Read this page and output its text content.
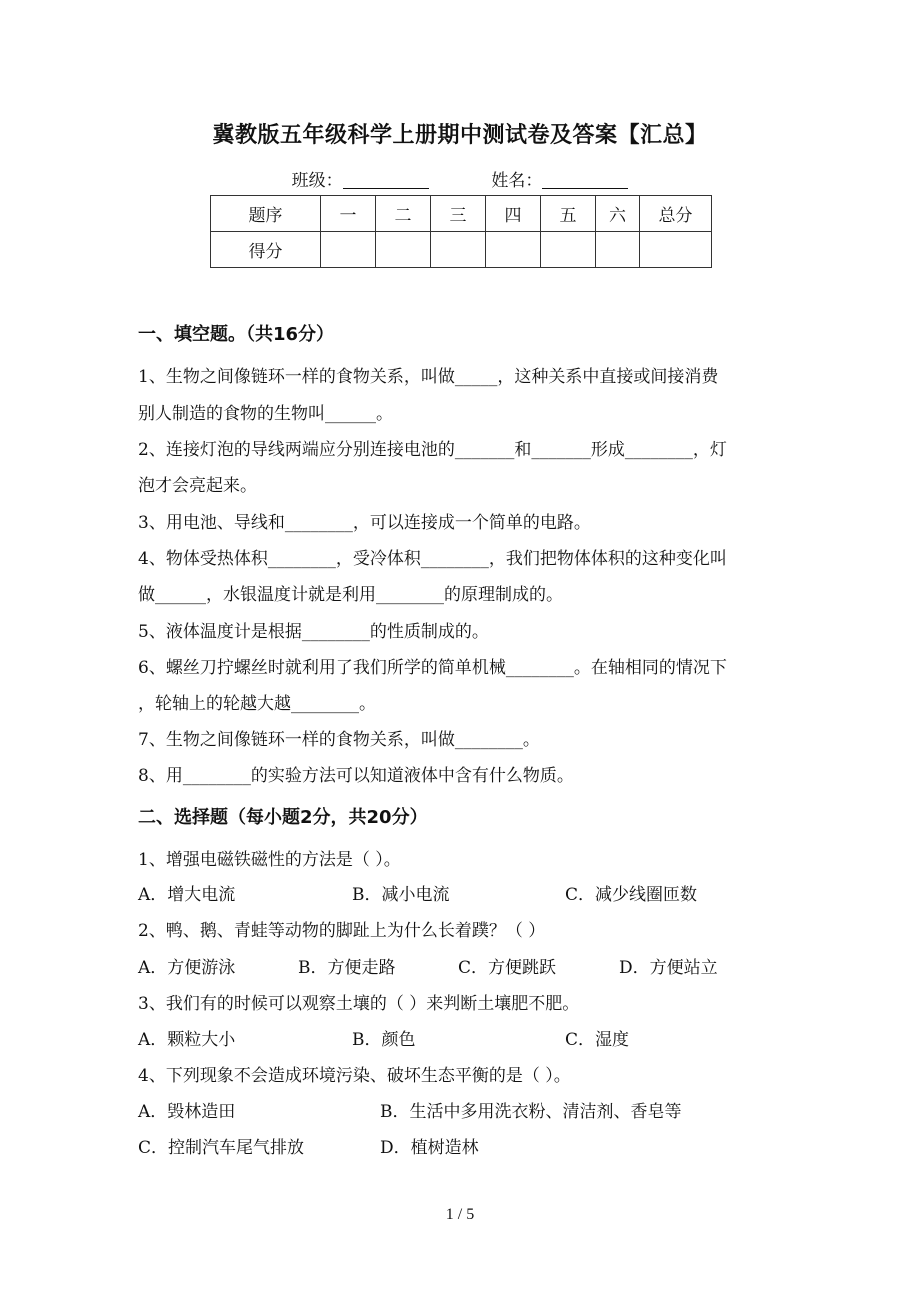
冀教版五年级科学上册期中测试卷及答案【汇总】
班级：	姓名：
题序	一	二	三	四	五	六	总分
得分							
一、填空题。（共16分）
1、生物之间像链环一样的食物关系，叫做_____，这种关系中直接或间接消费
别人制造的食物的生物叫______。
2、连接灯泡的导线两端应分别连接电池的_______和_______形成________，灯
泡才会亮起来。
3、用电池、导线和________，可以连接成一个简单的电路。
4、物体受热体积________，受冷体积________，我们把物体体积的这种变化叫
做______，水银温度计就是利用________的原理制成的。
5、液体温度计是根据________的性质制成的。
6、螺丝刀拧螺丝时就利用了我们所学的简单机械________。在轴相同的情况下
，轮轴上的轮越大越________。
7、生物之间像链环一样的食物关系，叫做________。
8、用________的实验方法可以知道液体中含有什么物质。
二、选择题（每小题2分，共20分）
1、增强电磁铁磁性的方法是（ ）。
A．增大电流	B．减小电流	C．减少线圈匝数
2、鸭、鹅、青蛙等动物的脚趾上为什么长着蹼？（ ）
A．方便游泳	B．方便走路	C．方便跳跃	D．方便站立
3、我们有的时候可以观察土壤的（ ）来判断土壤肥不肥。
A．颗粒大小	B．颜色	C．湿度
4、下列现象不会造成环境污染、破坏生态平衡的是（ ）。
A．毁林造田	B．生活中多用洗衣粉、清洁剂、香皂等
C．控制汽车尾气排放	D．植树造林
1 / 5
